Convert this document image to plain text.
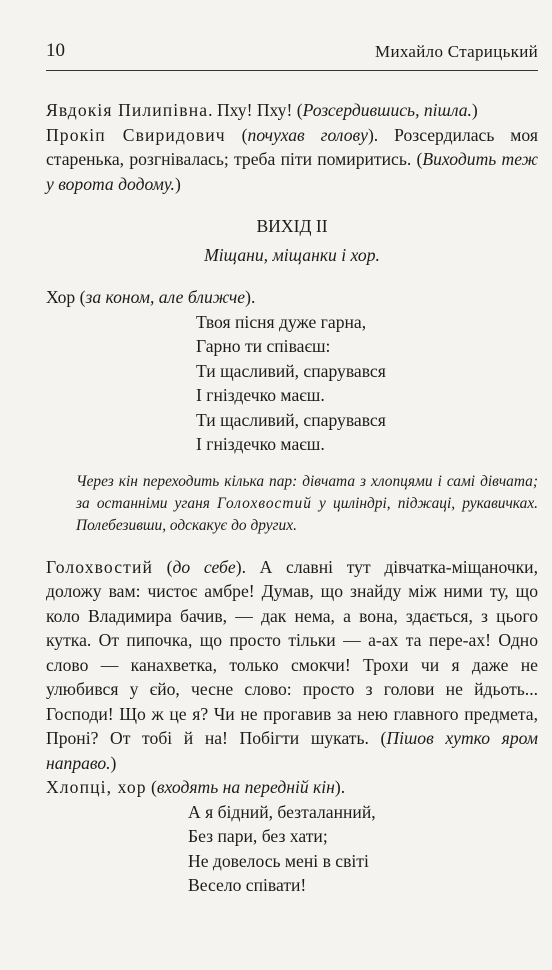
10	Михайло Старицький

Явдокія Пилипівна. Пху! Пху! (Розсердившись, пішла.)

Прокіп Свиридович (почухав голову). Розсердилась моя старенька, розгнівалась; треба піти помиритись. (Виходить теж у ворота додому.)

ВИХІД II

Міщани, міщанки і хор.

Хор (за коном, але ближче).

Твоя пісня дуже гарна,

Гарно ти співаєш:

Ти щасливий, спарувався

І гніздечко маєш.

Ти щасливий, спарувався

І гніздечко маєш.

Через кін переходить кілька пар: дівчата з хлопцями і самі дівчата; за останніми уганя Голохвостий у циліндрі, піджаці, рукавичках. Полебезивши, одскакує до других.

Голохвостий (до себе). А славні тут дівчатка-міщаночки, доложу вам: чистоє амбре! Думав, що знайду між ними ту, що коло Владимира бачив, — дак нема, а вона, здається, з цього кутка. От пипочка, що просто тільки — а-ах та пере-ах! Одно слово — канахветка, только смокчи! Трохи чи я даже не улюбився у єйо, чесне слово: просто з голови не йдьоть... Господи! Що ж це я? Чи не прогавив за нею главного предмета, Проні? От тобі й на! Побігти шукать. (Пішов хутко яром направо.)

Хлопці, хор (входять на передній кін).

А я бідний, безталанний,

Без пари, без хати;

Не довелось мені в світі

Весело співати!
